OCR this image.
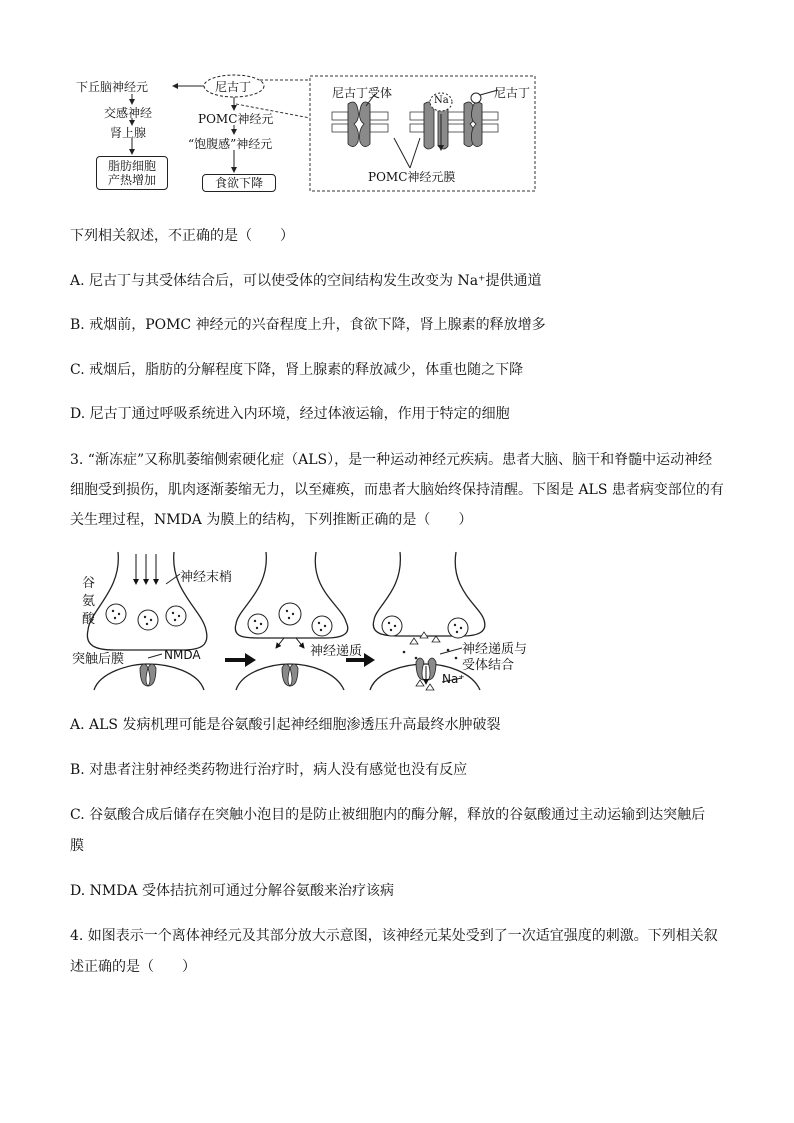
下丘脑神经元	尼古丁
交感神经
肾上腺
脂肪细胞
产热增加
POMC神经元
“饱腹感”神经元
食欲下降
尼古丁受体
Na
尼古丁
POMC神经元膜
下列相关叙述，不正确的是（　　）
A. 尼古丁与其受体结合后，可以使受体的空间结构发生改变为 Na⁺提供通道
B. 戒烟前，POMC 神经元的兴奋程度上升，食欲下降，肾上腺素的释放增多
C. 戒烟后，脂肪的分解程度下降，肾上腺素的释放减少，体重也随之下降
D. 尼古丁通过呼吸系统进入内环境，经过体液运输，作用于特定的细胞
3. “渐冻症”又称肌萎缩侧索硬化症（ALS），是一种运动神经元疾病。患者大脑、脑干和脊髓中运动神经
细胞受到损伤，肌肉逐渐萎缩无力，以至瘫痪，而患者大脑始终保持清醒。下图是 ALS 患者病变部位的有
关生理过程，NMDA 为膜上的结构，下列推断正确的是（　　）
谷
氨
酸
神经末梢
突触后膜	NMDA	神经递质	神经递质与
受体结合
Na⁺
A. ALS 发病机理可能是谷氨酸引起神经细胞渗透压升高最终水肿破裂
B. 对患者注射神经类药物进行治疗时，病人没有感觉也没有反应
C. 谷氨酸合成后储存在突触小泡目的是防止被细胞内的酶分解，释放的谷氨酸通过主动运输到达突触后
膜
D. NMDA 受体拮抗剂可通过分解谷氨酸来治疗该病
4. 如图表示一个离体神经元及其部分放大示意图，该神经元某处受到了一次适宜强度的刺激。下列相关叙
述正确的是（　　）
